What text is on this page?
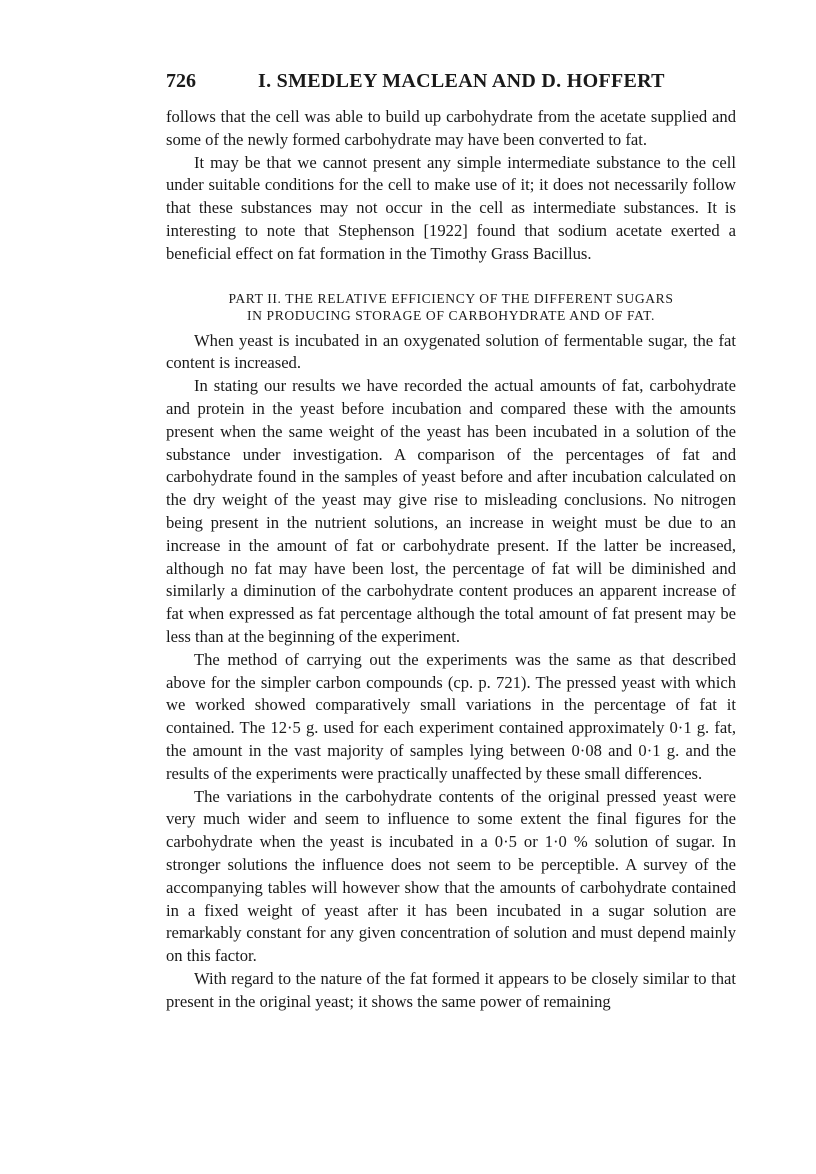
726	I. SMEDLEY MACLEAN AND D. HOFFERT

follows that the cell was able to build up carbohydrate from the acetate supplied and some of the newly formed carbohydrate may have been converted to fat.

It may be that we cannot present any simple intermediate substance to the cell under suitable conditions for the cell to make use of it; it does not necessarily follow that these substances may not occur in the cell as intermediate substances. It is interesting to note that Stephenson [1922] found that sodium acetate exerted a beneficial effect on fat formation in the Timothy Grass Bacillus.

PART II. THE RELATIVE EFFICIENCY OF THE DIFFERENT SUGARS
IN PRODUCING STORAGE OF CARBOHYDRATE AND OF FAT.

When yeast is incubated in an oxygenated solution of fermentable sugar, the fat content is increased.

In stating our results we have recorded the actual amounts of fat, carbohydrate and protein in the yeast before incubation and compared these with the amounts present when the same weight of the yeast has been incubated in a solution of the substance under investigation. A comparison of the percentages of fat and carbohydrate found in the samples of yeast before and after incubation calculated on the dry weight of the yeast may give rise to misleading conclusions. No nitrogen being present in the nutrient solutions, an increase in weight must be due to an increase in the amount of fat or carbohydrate present. If the latter be increased, although no fat may have been lost, the percentage of fat will be diminished and similarly a diminution of the carbohydrate content produces an apparent increase of fat when expressed as fat percentage although the total amount of fat present may be less than at the beginning of the experiment.

The method of carrying out the experiments was the same as that described above for the simpler carbon compounds (cp. p. 721). The pressed yeast with which we worked showed comparatively small variations in the percentage of fat it contained. The 12·5 g. used for each experiment contained approximately 0·1 g. fat, the amount in the vast majority of samples lying between 0·08 and 0·1 g. and the results of the experiments were practically unaffected by these small differences.

The variations in the carbohydrate contents of the original pressed yeast were very much wider and seem to influence to some extent the final figures for the carbohydrate when the yeast is incubated in a 0·5 or 1·0 % solution of sugar. In stronger solutions the influence does not seem to be perceptible. A survey of the accompanying tables will however show that the amounts of carbohydrate contained in a fixed weight of yeast after it has been incubated in a sugar solution are remarkably constant for any given concentration of solution and must depend mainly on this factor.

With regard to the nature of the fat formed it appears to be closely similar to that present in the original yeast; it shows the same power of remaining
